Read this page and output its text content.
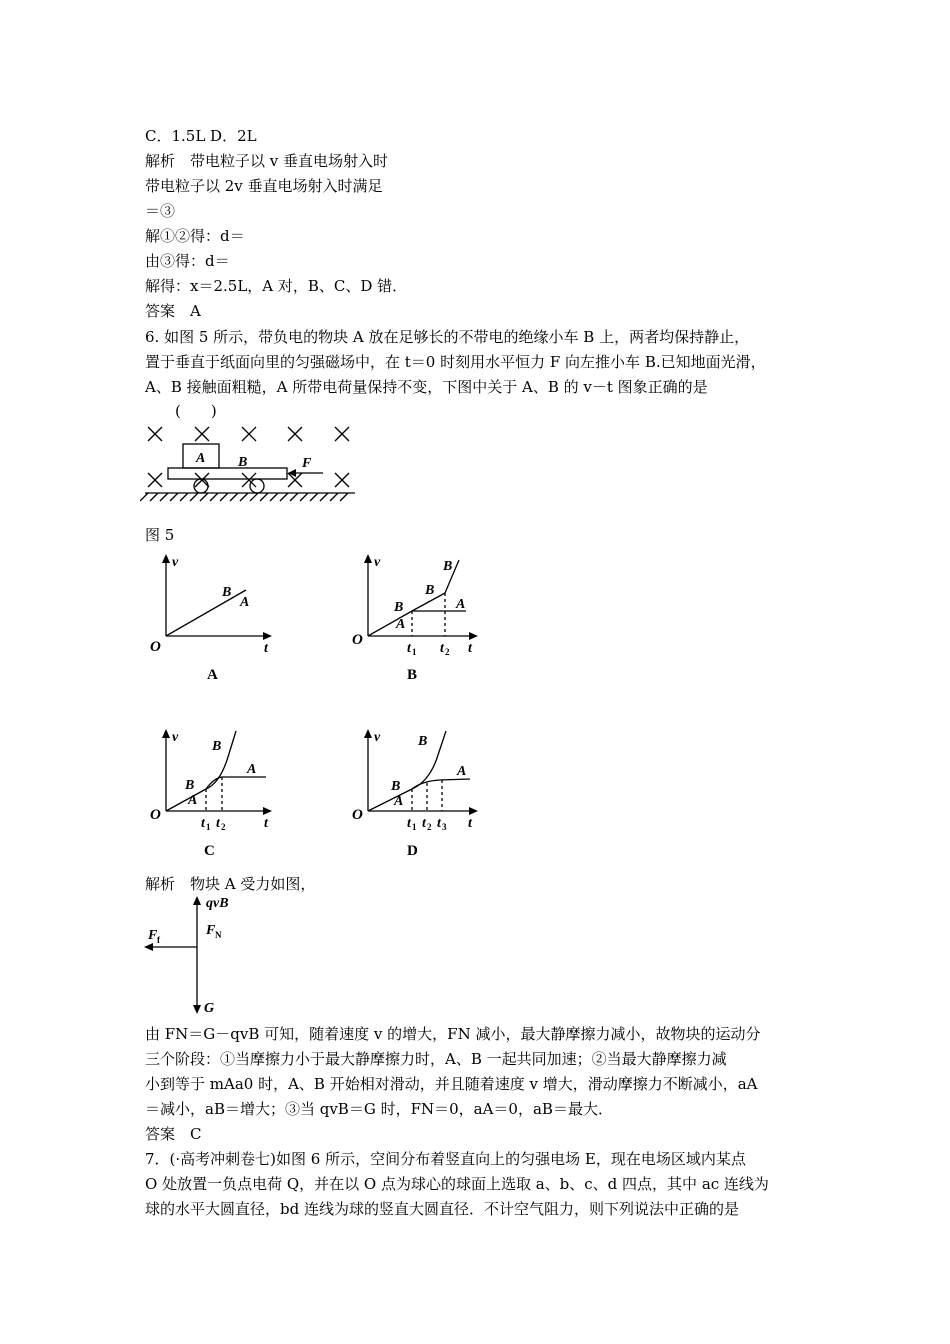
C．1.5L D．2L
解析　带电粒子以 v 垂直电场射入时
带电粒子以 2v 垂直电场射入时满足
＝③
解①②得：d＝
由③得：d＝
解得：x＝2.5L，A 对，B、C、D 错．
答案　A
6. 如图 5 所示，带负电的物块 A 放在足够长的不带电的绝缘小车 B 上，两者均保持静止，
置于垂直于纸面向里的匀强磁场中，在 t＝0 时刻用水平恒力 F 向左推小车 B.已知地面光滑，
A、B 接触面粗糙，A 所带电荷量保持不变，下图中关于 A、B 的 v－t 图象正确的是
(　　)
A B	F
图 5
v
t
O
B
A
A
v
t
O
B
A
B
B
A
t 1 t 2
B
v
t
O
B
A
B
A
t 1 t 2
C
v
t
O
B
A
B
A
t 1 t 2 t 3
D
解析　物块 A 受力如图，
qvB
F N
F f
G
由 FN＝G－qvB 可知，随着速度 v 的增大，FN 减小，最大静摩擦力减小，故物块的运动分
三个阶段：①当摩擦力小于最大静摩擦力时，A、B 一起共同加速；②当最大静摩擦力减
小到等于 mAa0 时，A、B 开始相对滑动，并且随着速度 v 增大，滑动摩擦力不断减小，aA
＝减小，aB＝增大；③当 qvB＝G 时，FN＝0，aA＝0，aB＝最大．
答案　C
7．(·高考冲刺卷七)如图 6 所示，空间分布着竖直向上的匀强电场 E，现在电场区域内某点
O 处放置一负点电荷 Q，并在以 O 点为球心的球面上选取 a、b、c、d 四点，其中 ac 连线为
球的水平大圆直径，bd 连线为球的竖直大圆直径．不计空气阻力，则下列说法中正确的是
